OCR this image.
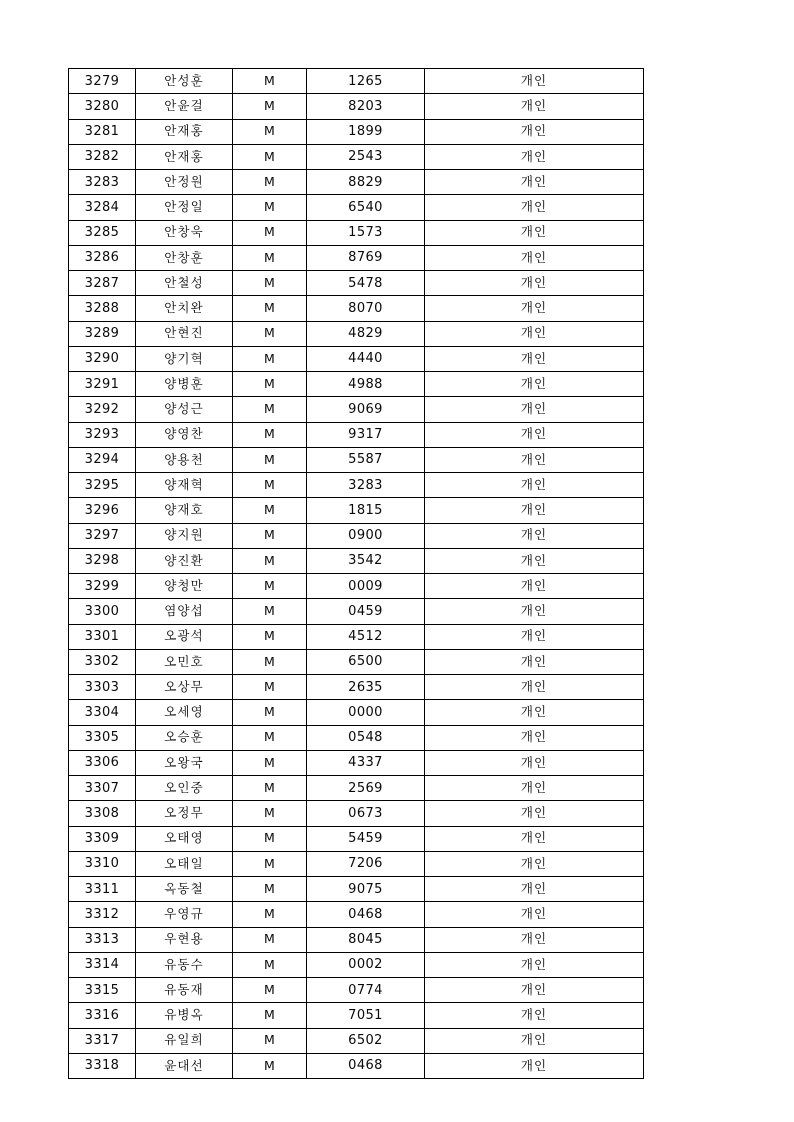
3279	안성훈	M	1265	개인
3280	안윤걸	M	8203	개인
3281	안재홍	M	1899	개인
3282	안재홍	M	2543	개인
3283	안정원	M	8829	개인
3284	안정일	M	6540	개인
3285	안창욱	M	1573	개인
3286	안창훈	M	8769	개인
3287	안철성	M	5478	개인
3288	안치완	M	8070	개인
3289	안현진	M	4829	개인
3290	양기혁	M	4440	개인
3291	양병훈	M	4988	개인
3292	양성근	M	9069	개인
3293	양영찬	M	9317	개인
3294	양용천	M	5587	개인
3295	양재혁	M	3283	개인
3296	양재호	M	1815	개인
3297	양지원	M	0900	개인
3298	양진환	M	3542	개인
3299	양청만	M	0009	개인
3300	염양섭	M	0459	개인
3301	오광석	M	4512	개인
3302	오민호	M	6500	개인
3303	오상무	M	2635	개인
3304	오세영	M	0000	개인
3305	오승훈	M	0548	개인
3306	오왕국	M	4337	개인
3307	오인중	M	2569	개인
3308	오정무	M	0673	개인
3309	오태영	M	5459	개인
3310	오태일	M	7206	개인
3311	옥동철	M	9075	개인
3312	우영규	M	0468	개인
3313	우현용	M	8045	개인
3314	유동수	M	0002	개인
3315	유동재	M	0774	개인
3316	유병옥	M	7051	개인
3317	유일희	M	6502	개인
3318	윤대선	M	0468	개인
